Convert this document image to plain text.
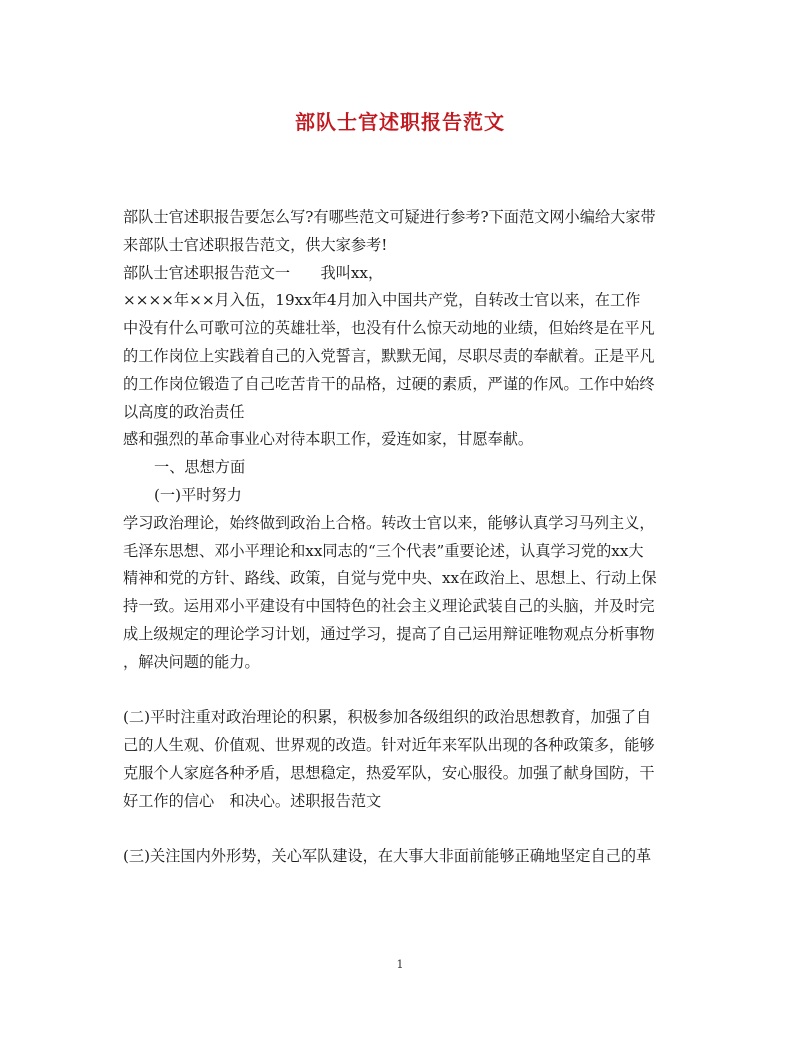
部队士官述职报告范文
部队士官述职报告要怎么写?有哪些范文可疑进行参考?下面范文网小编给大家带
来部队士官述职报告范文，供大家参考!
部队士官述职报告范文一　　我叫xx，
××××年××月入伍，19xx年4月加入中国共产党，自转改士官以来，在工作
中没有什么可歌可泣的英雄壮举，也没有什么惊天动地的业绩，但始终是在平凡
的工作岗位上实践着自己的入党誓言，默默无闻，尽职尽责的奉献着。正是平凡
的工作岗位锻造了自己吃苦肯干的品格，过硬的素质，严谨的作风。工作中始终
以高度的政治责任
感和强烈的革命事业心对待本职工作，爱连如家，甘愿奉献。
一、思想方面
(一)平时努力
学习政治理论，始终做到政治上合格。转改士官以来，能够认真学习马列主义，
毛泽东思想、邓小平理论和xx同志的“三个代表”重要论述，认真学习党的xx大
精神和党的方针、路线、政策，自觉与党中央、xx在政治上、思想上、行动上保
持一致。运用邓小平建设有中国特色的社会主义理论武装自己的头脑，并及时完
成上级规定的理论学习计划，通过学习，提高了自己运用辩证唯物观点分析事物
，解决问题的能力。
(二)平时注重对政治理论的积累，积极参加各级组织的政治思想教育，加强了自
己的人生观、价值观、世界观的改造。针对近年来军队出现的各种政策多，能够
克服个人家庭各种矛盾，思想稳定，热爱军队，安心服役。加强了献身国防，干
好工作的信心　和决心。述职报告范文
(三)关注国内外形势，关心军队建设，在大事大非面前能够正确地坚定自己的革
1
